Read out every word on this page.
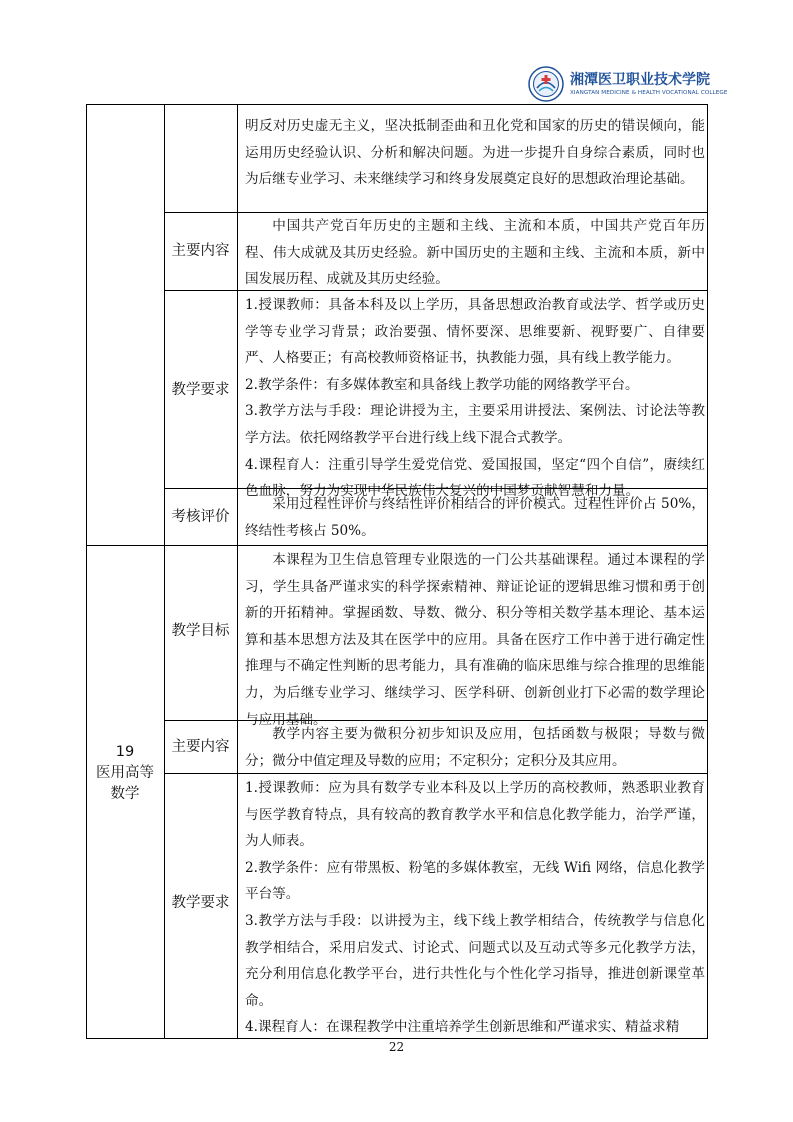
湘潭医卫职业技术学院
XIANGTAN MEDICINE & HEALTH VOCATIONAL COLLEGE

明反对历史虚无主义，坚决抵制歪曲和丑化党和国家的历史的错误倾向，能运用历史经验认识、分析和解决问题。为进一步提升自身综合素质，同时也为后继专业学习、未来继续学习和终身发展奠定良好的思想政治理论基础。

主要内容

中国共产党百年历史的主题和主线、主流和本质，中国共产党百年历程、伟大成就及其历史经验。新中国历史的主题和主线、主流和本质，新中国发展历程、成就及其历史经验。

教学要求

1.授课教师：具备本科及以上学历，具备思想政治教育或法学、哲学或历史学等专业学习背景；政治要强、情怀要深、思维要新、视野要广、自律要严、人格要正；有高校教师资格证书，执教能力强，具有线上教学能力。

2.教学条件：有多媒体教室和具备线上教学功能的网络教学平台。

3.教学方法与手段：理论讲授为主，主要采用讲授法、案例法、讨论法等教学方法。依托网络教学平台进行线上线下混合式教学。

4.课程育人：注重引导学生爱党信党、爱国报国，坚定“四个自信”，赓续红色血脉，努力为实现中华民族伟大复兴的中国梦贡献智慧和力量。

考核评价

采用过程性评价与终结性评价相结合的评价模式。过程性评价占 50%，终结性考核占 50%。

19
医用高等
数学
教学目标

本课程为卫生信息管理专业限选的一门公共基础课程。通过本课程的学习，学生具备严谨求实的科学探索精神、辩证论证的逻辑思维习惯和勇于创新的开拓精神。掌握函数、导数、微分、积分等相关数学基本理论、基本运算和基本思想方法及其在医学中的应用。具备在医疗工作中善于进行确定性推理与不确定性判断的思考能力，具有准确的临床思维与综合推理的思维能力，为后继专业学习、继续学习、医学科研、创新创业打下必需的数学理论与应用基础。

主要内容

教学内容主要为微积分初步知识及应用，包括函数与极限；导数与微分；微分中值定理及导数的应用；不定积分；定积分及其应用。

教学要求

1.授课教师：应为具有数学专业本科及以上学历的高校教师，熟悉职业教育与医学教育特点，具有较高的教育教学水平和信息化教学能力，治学严谨，为人师表。

2.教学条件：应有带黑板、粉笔的多媒体教室，无线 Wifi 网络，信息化教学平台等。

3.教学方法与手段：以讲授为主，线下线上教学相结合，传统教学与信息化教学相结合，采用启发式、讨论式、问题式以及互动式等多元化教学方法，充分利用信息化教学平台，进行共性化与个性化学习指导，推进创新课堂革命。

4.课程育人：在课程教学中注重培养学生创新思维和严谨求实、精益求精

22
